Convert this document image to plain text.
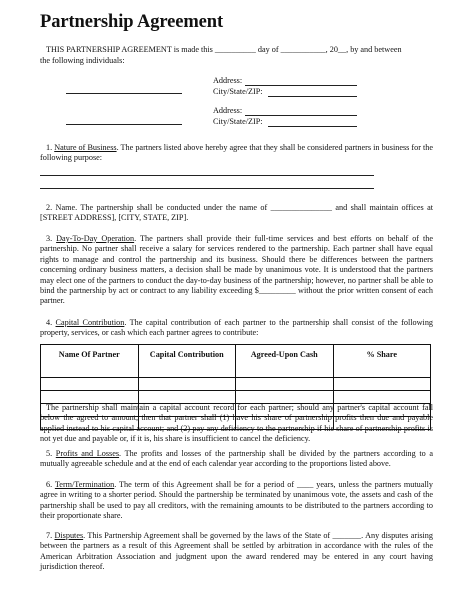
Partnership Agreement
THIS PARTNERSHIP AGREEMENT is made this __________ day of ___________, 20__, by and between
the following individuals:
Address:
City/State/ZIP:
Address:
City/State/ZIP:

1. Nature of Business. The partners listed above hereby agree that they shall be considered partners in business for the following purpose:

2. Name. The partnership shall be conducted under the name of _______________ and shall maintain offices at [STREET ADDRESS], [CITY, STATE, ZIP].

3. Day-To-Day Operation. The partners shall provide their full-time services and best efforts on behalf of the partnership. No partner shall receive a salary for services rendered to the partnership. Each partner shall have equal rights to manage and control the partnership and its business. Should there be differences between the partners concerning ordinary business matters, a decision shall be made by unanimous vote. It is understood that the partners may elect one of the partners to conduct the day-to-day business of the partnership; however, no partner shall be able to bind the partnership by act or contract to any liability exceeding $_________ without the prior written consent of each partner.

4. Capital Contribution. The capital contribution of each partner to the partnership shall consist of the following property, services, or cash which each partner agrees to contribute:

Name Of Partner	Capital Contribution	Agreed-Upon Cash	% Share

The partnership shall maintain a capital account record for each partner; should any partner's capital account fall below the agreed to amount, then that partner shall (1) have his share of partnership profits then due and payable applied instead to his capital account; and (2) pay any deficiency to the partnership if his share of partnership profits is not yet due and payable or, if it is, his share is insufficient to cancel the deficiency.

5. Profits and Losses. The profits and losses of the partnership shall be divided by the partners according to a mutually agreeable schedule and at the end of each calendar year according to the proportions listed above.

6. Term/Termination. The term of this Agreement shall be for a period of ____ years, unless the partners mutually agree in writing to a shorter period. Should the partnership be terminated by unanimous vote, the assets and cash of the partnership shall be used to pay all creditors, with the remaining amounts to be distributed to the partners according to their proportionate share.

7. Disputes. This Partnership Agreement shall be governed by the laws of the State of _______. Any disputes arising between the partners as a result of this Agreement shall be settled by arbitration in accordance with the rules of the American Arbitration Association and judgment upon the award rendered may be entered in any court having jurisdiction thereof.
